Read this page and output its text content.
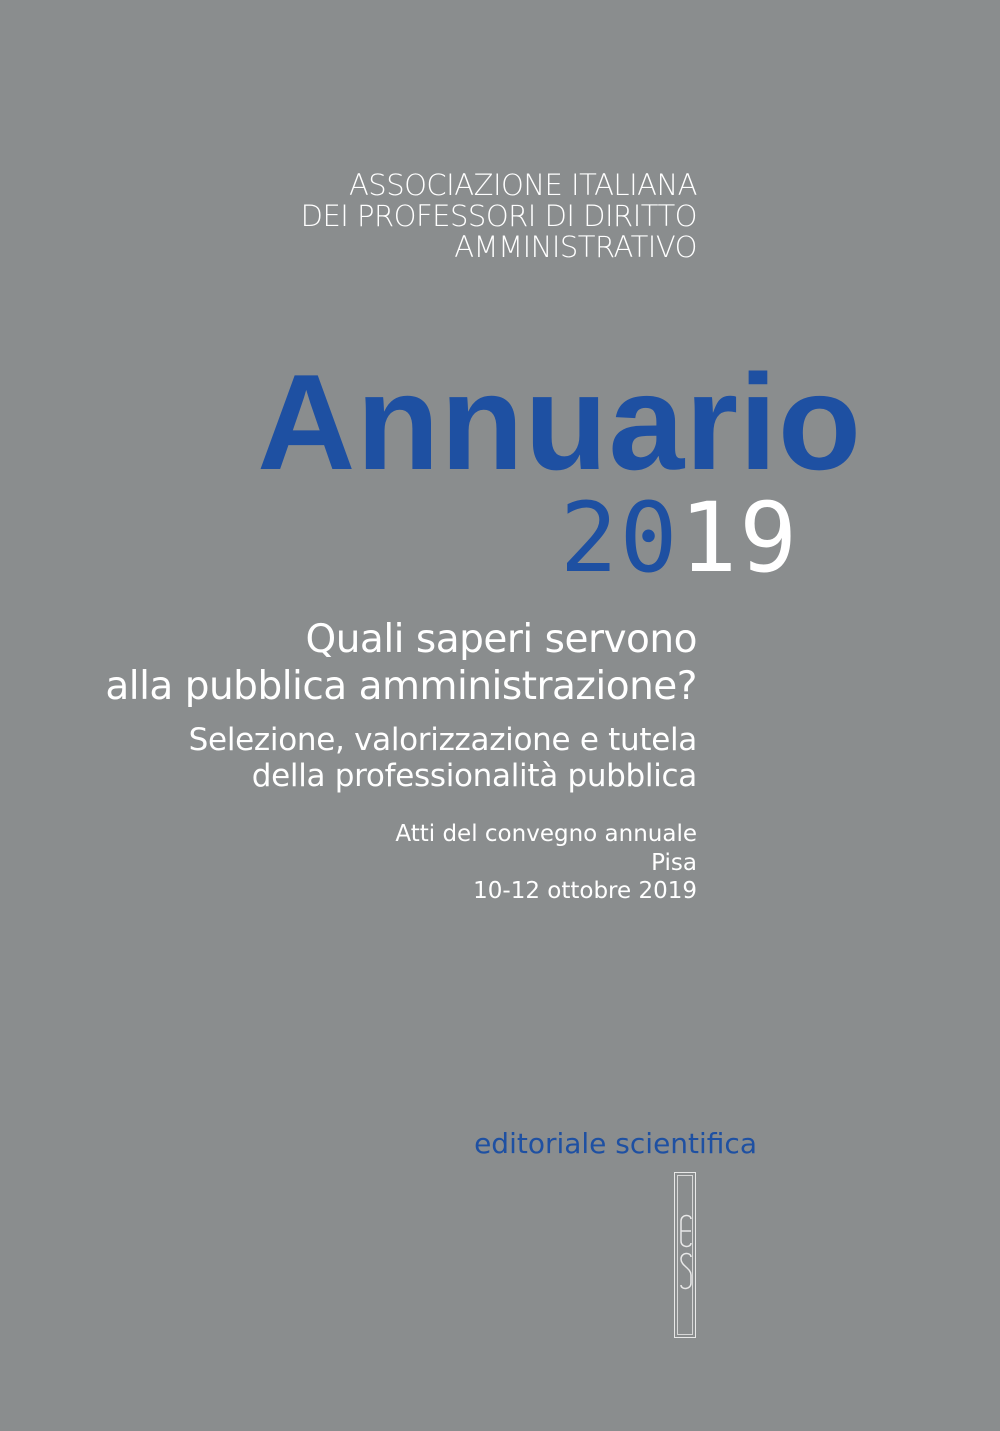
ASSOCIAZIONE ITALIANA
DEI PROFESSORI DI DIRITTO
AMMINISTRATIVO
Annuario
2019
Quali saperi servono
alla pubblica amministrazione?
Selezione, valorizzazione e tutela
della professionalità pubblica
Atti del convegno annuale
Pisa
10-12 ottobre 2019
editoriale scientifica
